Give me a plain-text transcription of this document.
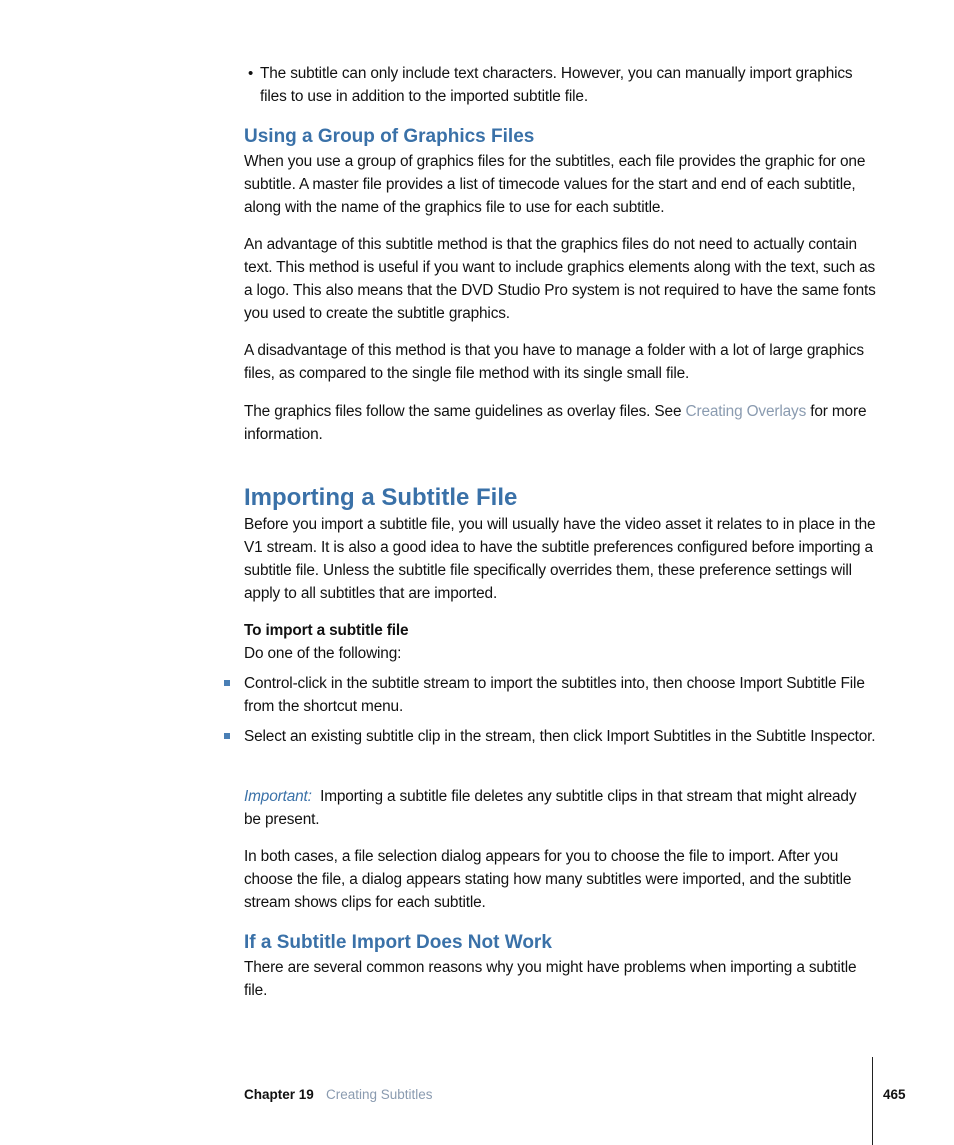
• The subtitle can only include text characters. However, you can manually import graphics files to use in addition to the imported subtitle file.

Using a Group of Graphics Files

When you use a group of graphics files for the subtitles, each file provides the graphic for one subtitle. A master file provides a list of timecode values for the start and end of each subtitle, along with the name of the graphics file to use for each subtitle.

An advantage of this subtitle method is that the graphics files do not need to actually contain text. This method is useful if you want to include graphics elements along with the text, such as a logo. This also means that the DVD Studio Pro system is not required to have the same fonts you used to create the subtitle graphics.

A disadvantage of this method is that you have to manage a folder with a lot of large graphics files, as compared to the single file method with its single small file.

The graphics files follow the same guidelines as overlay files. See Creating Overlays for more information.

Importing a Subtitle File

Before you import a subtitle file, you will usually have the video asset it relates to in place in the V1 stream. It is also a good idea to have the subtitle preferences configured before importing a subtitle file. Unless the subtitle file specifically overrides them, these preference settings will apply to all subtitles that are imported.

To import a subtitle file

Do one of the following:

Control-click in the subtitle stream to import the subtitles into, then choose Import Subtitle File from the shortcut menu.

Select an existing subtitle clip in the stream, then click Import Subtitles in the Subtitle Inspector.

Important: Importing a subtitle file deletes any subtitle clips in that stream that might already be present.

In both cases, a file selection dialog appears for you to choose the file to import. After you choose the file, a dialog appears stating how many subtitles were imported, and the subtitle stream shows clips for each subtitle.

If a Subtitle Import Does Not Work

There are several common reasons why you might have problems when importing a subtitle file.

Chapter 19 Creating Subtitles	465
